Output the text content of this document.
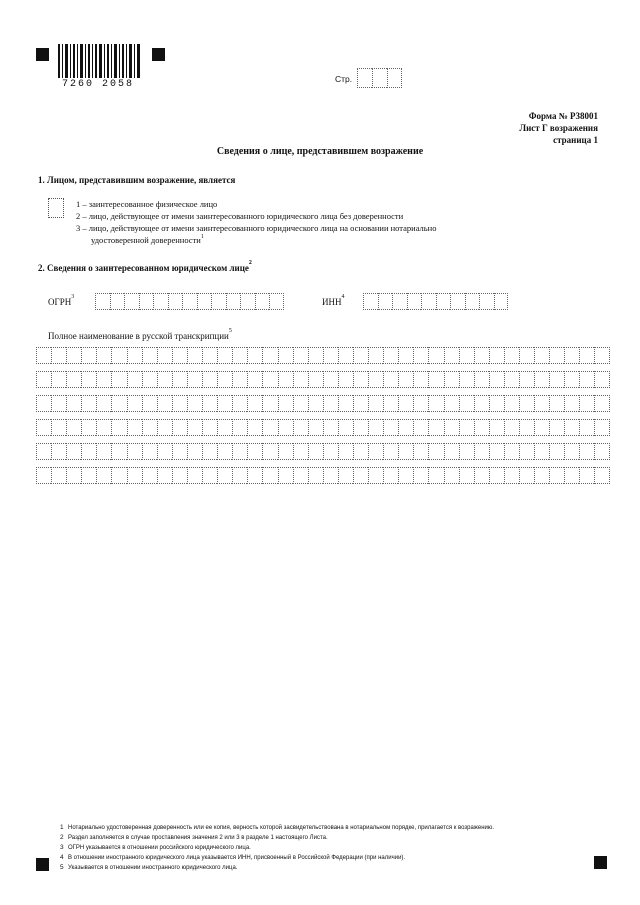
7260 2058	Стр.
Форма № Р38001
Лист Г возражения
страница 1
Сведения о лице, представившем возражение
1. Лицом, представившим возражение, является
1 – заинтересованное физическое лицо
2 – лицо, действующее от имени заинтересованного юридического лица без доверенности
3 – лицо, действующее от имени заинтересованного юридического лица на основании нотариально
удостоверенной доверенности$^1$
2. Сведения о заинтересованном юридическом лице$^2$
ОГРН$^3$	ИНН$^4$
Полное наименование в русской транскрипции$^5$
1 Нотариально удостоверенная доверенность или ее копия, верность которой засвидетельствована в нотариальном порядке, прилагается к возражению.
2 Раздел заполняется в случае проставления значения 2 или 3 в разделе 1 настоящего Листа.
3 ОГРН указывается в отношении российского юридического лица.
4 В отношении иностранного юридического лица указывается ИНН, присвоенный в Российской Федерации (при наличии).
5 Указывается в отношении иностранного юридического лица.
